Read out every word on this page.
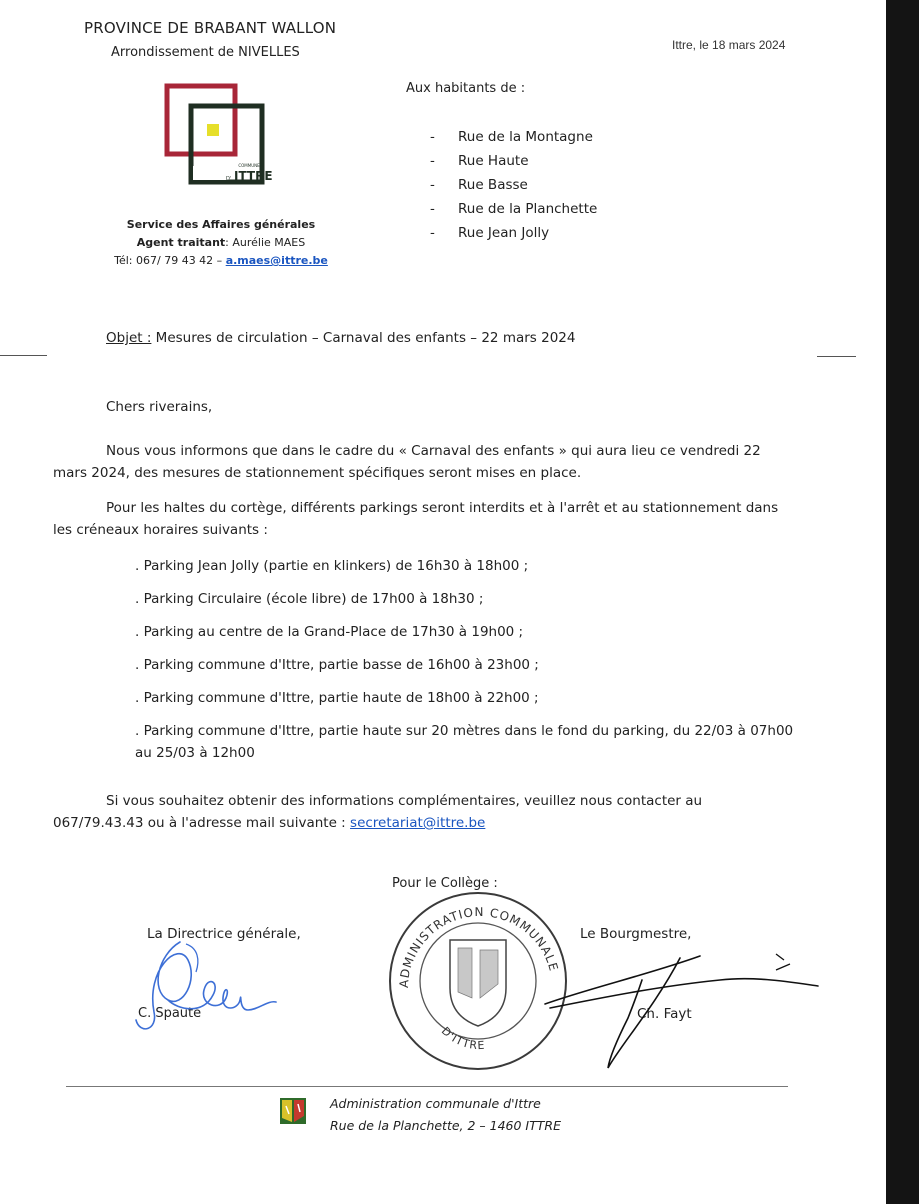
PROVINCE DE BRABANT WALLON
Arrondissement de NIVELLES	Ittre, le 18 mars 2024
COMMUNE
D' ITTRE
Service des Affaires générales
Agent traitant: Aurélie MAES
Tél: 067/ 79 43 42 – a.maes@ittre.be
Aux habitants de :
- Rue de la Montagne
- Rue Haute
- Rue Basse
- Rue de la Planchette
- Rue Jean Jolly
Objet : Mesures de circulation – Carnaval des enfants – 22 mars 2024
Chers riverains,
Nous vous informons que dans le cadre du « Carnaval des enfants » qui aura lieu ce vendredi 22 mars 2024, des mesures de stationnement spécifiques seront mises en place.
Pour les haltes du cortège, différents parkings seront interdits et à l'arrêt et au stationnement dans les créneaux horaires suivants :
. Parking Jean Jolly (partie en klinkers) de 16h30 à 18h00 ;
. Parking Circulaire (école libre) de 17h00 à 18h30 ;
. Parking au centre de la Grand-Place de 17h30 à 19h00 ;
. Parking commune d'Ittre, partie basse de 16h00 à 23h00 ;
. Parking commune d'Ittre, partie haute de 18h00 à 22h00 ;
. Parking commune d'Ittre, partie haute sur 20 mètres dans le fond du parking, du 22/03 à 07h00 au 25/03 à 12h00
Si vous souhaitez obtenir des informations complémentaires, veuillez nous contacter au 067/79.43.43 ou à l'adresse mail suivante : secretariat@ittre.be
Pour le Collège :
ADMINISTRATION COMMUNALE
D'ITTRE
La Directrice générale,	Le Bourgmestre,
C. Spaute	Ch. Fayt
Administration communale d'Ittre
Rue de la Planchette, 2 – 1460 ITTRE
